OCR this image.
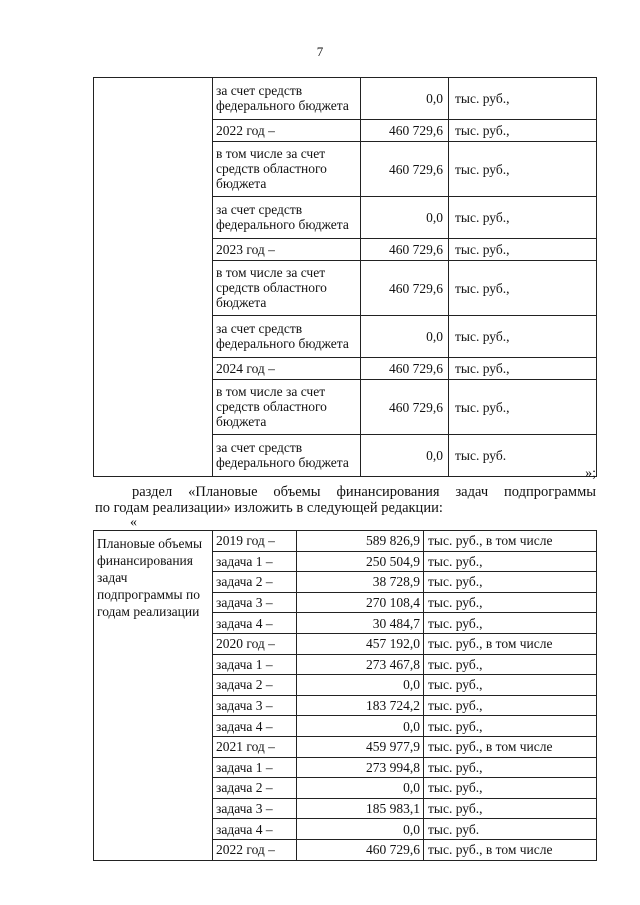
7
	за счет средств федерального бюджета	0,0	тыс. руб.,
	2022 год –	460 729,6	тыс. руб.,
	в том числе за счет средств областного бюджета	460 729,6	тыс. руб.,
	за счет средств федерального бюджета	0,0	тыс. руб.,
	2023 год –	460 729,6	тыс. руб.,
	в том числе за счет средств областного бюджета	460 729,6	тыс. руб.,
	за счет средств федерального бюджета	0,0	тыс. руб.,
	2024 год –	460 729,6	тыс. руб.,
	в том числе за счет средств областного бюджета	460 729,6	тыс. руб.,
	за счет средств федерального бюджета	0,0	тыс. руб.
»;
раздел «Плановые объемы финансирования задач подпрограммы
по годам реализации» изложить в следующей редакции:
«
Плановые объемы финансирования задач подпрограммы по годам реализации	2019 год –	589 826,9	тыс. руб., в том числе
	задача 1 –	250 504,9	тыс. руб.,
	задача 2 –	38 728,9	тыс. руб.,
	задача 3 –	270 108,4	тыс. руб.,
	задача 4 –	30 484,7	тыс. руб.,
	2020 год –	457 192,0	тыс. руб., в том числе
	задача 1 –	273 467,8	тыс. руб.,
	задача 2 –	0,0	тыс. руб.,
	задача 3 –	183 724,2	тыс. руб.,
	задача 4 –	0,0	тыс. руб.,
	2021 год –	459 977,9	тыс. руб., в том числе
	задача 1 –	273 994,8	тыс. руб.,
	задача 2 –	0,0	тыс. руб.,
	задача 3 –	185 983,1	тыс. руб.,
	задача 4 –	0,0	тыс. руб.
	2022 год –	460 729,6	тыс. руб., в том числе
